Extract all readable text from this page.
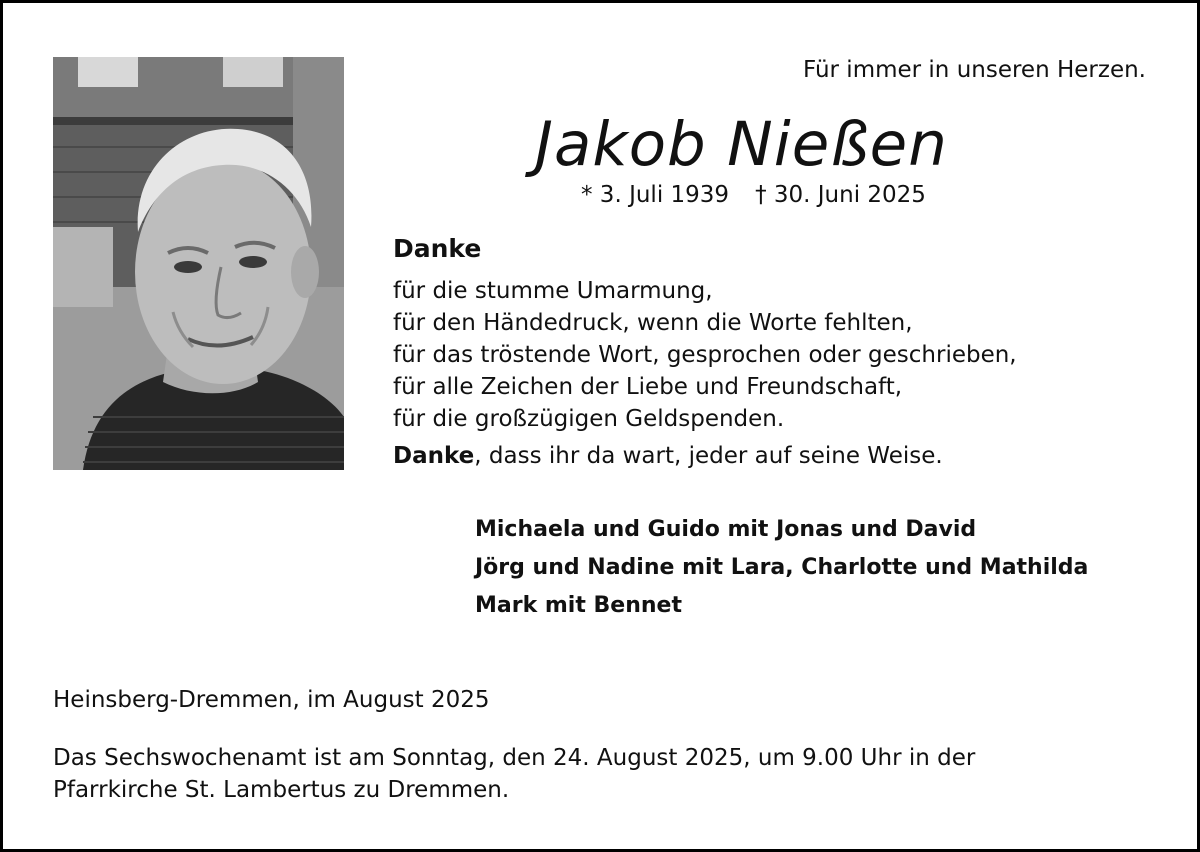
Für immer in unseren Herzen.
Jakob Nießen
* 3. Juli 1939 † 30. Juni 2025
Danke
für die stumme Umarmung,
für den Händedruck, wenn die Worte fehlten,
für das tröstende Wort, gesprochen oder geschrieben,
für alle Zeichen der Liebe und Freundschaft,
für die großzügigen Geldspenden.
Danke, dass ihr da wart, jeder auf seine Weise.
Michaela und Guido mit Jonas und David
Jörg und Nadine mit Lara, Charlotte und Mathilda
Mark mit Bennet
Heinsberg-Dremmen, im August 2025
Das Sechswochenamt ist am Sonntag, den 24. August 2025, um 9.00 Uhr in der
Pfarrkirche St. Lambertus zu Dremmen.
